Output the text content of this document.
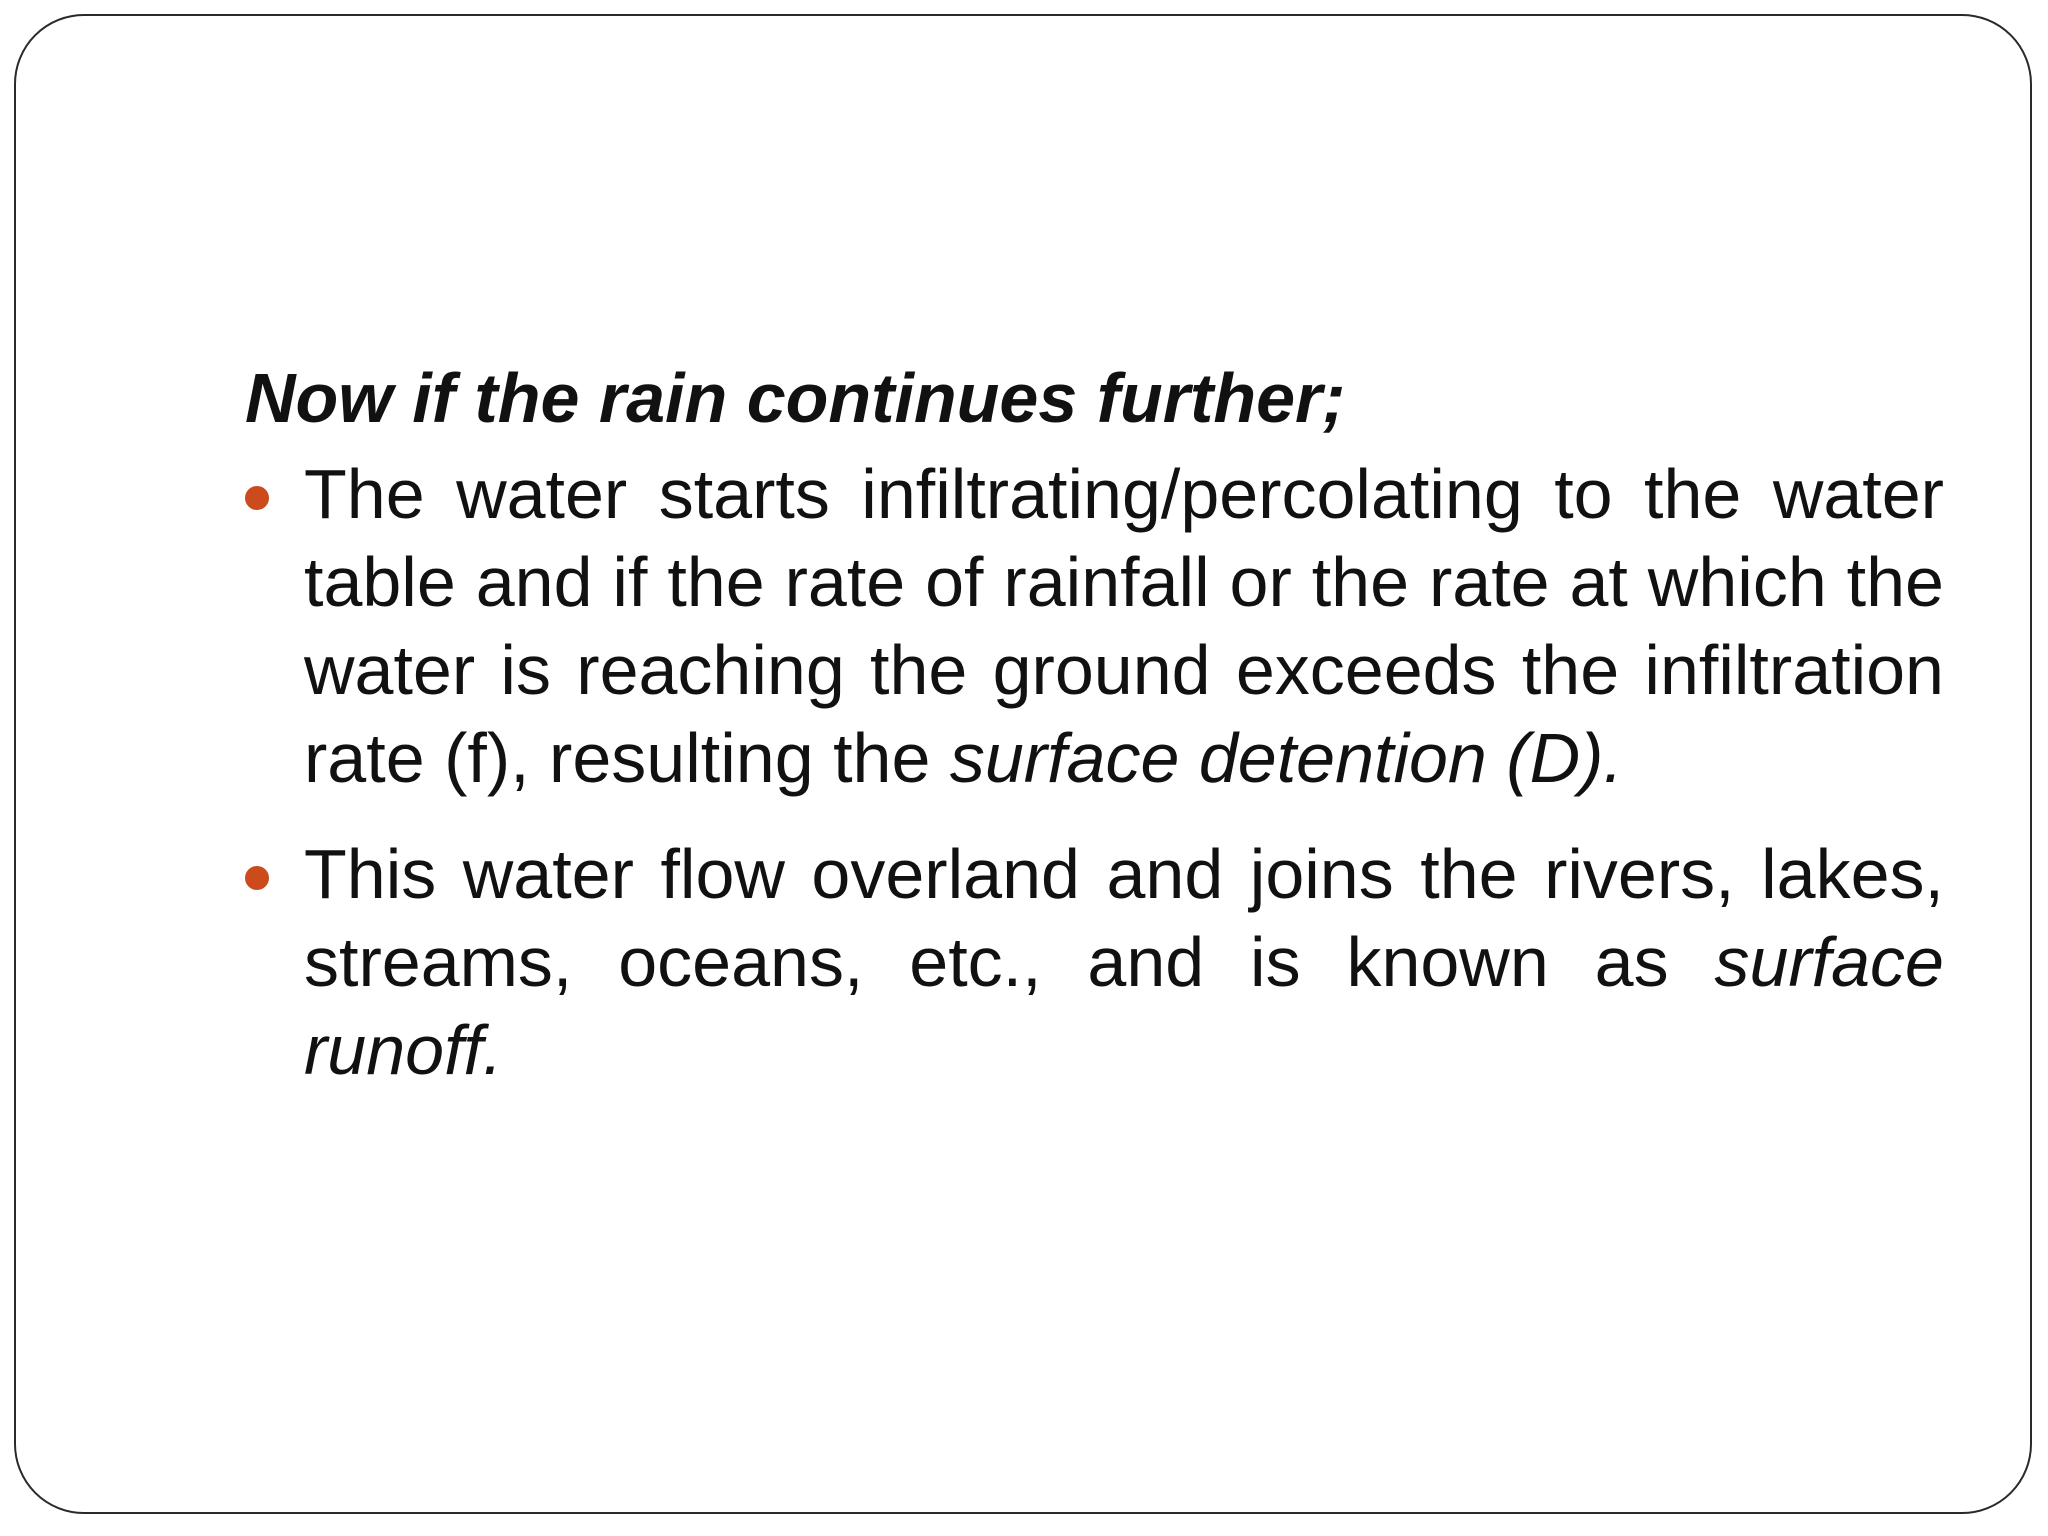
Now if the rain continues further;
The water starts infiltrating/percolating to the water table and if the rate of rainfall or the rate at which the water is reaching the ground exceeds the infiltration rate (f), resulting the surface detention (D).
This water flow overland and joins the rivers, lakes, streams, oceans, etc., and is known as surface runoff.
